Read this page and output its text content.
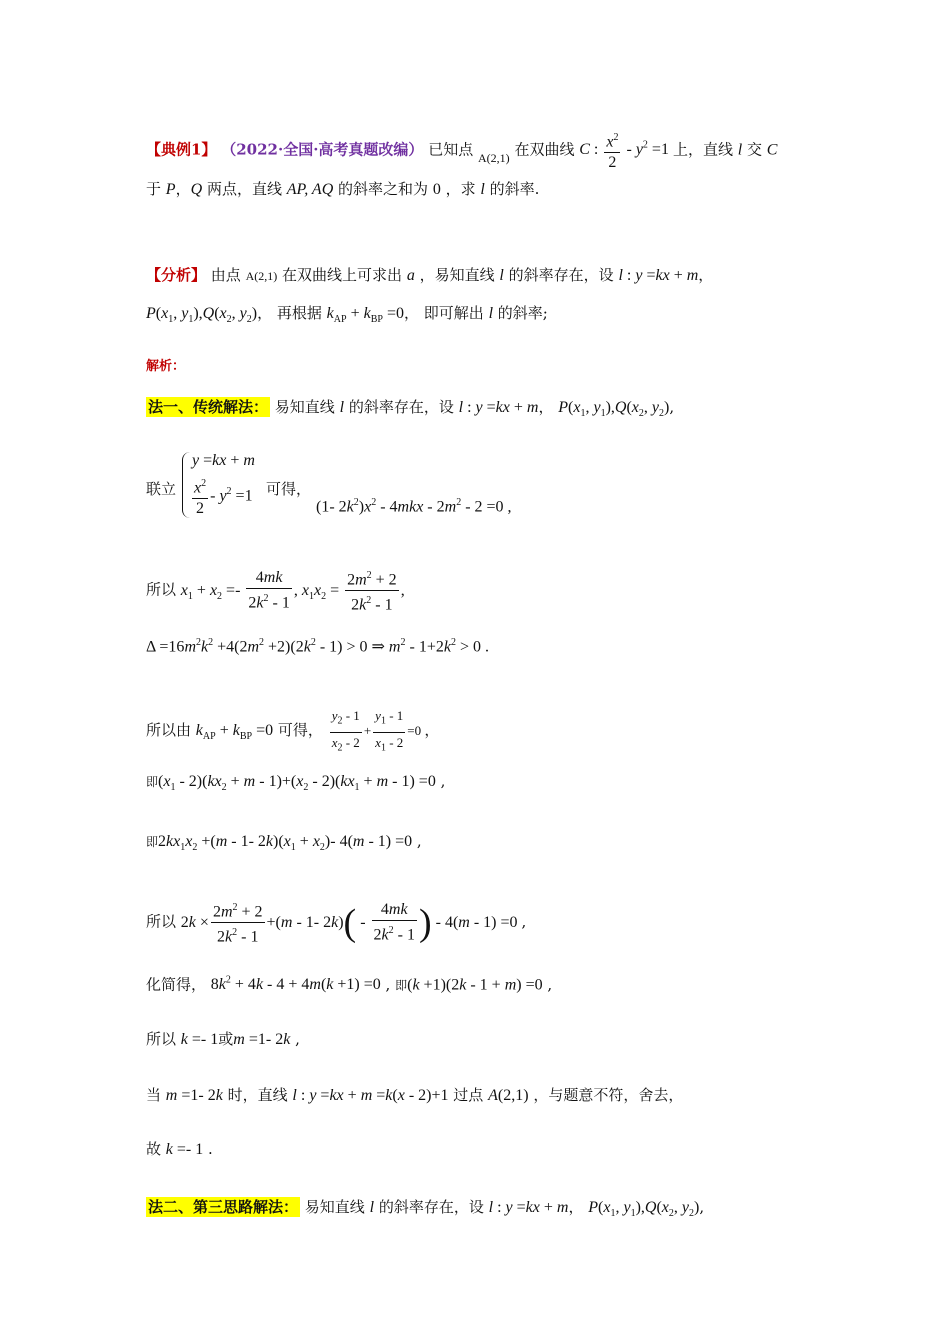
【典例1】 （2022·全国·高考真题改编） 已知点 $_{A(2,1)}$ 在双曲线 C : $\frac{x^2}{2} - y^2 =1$ 上，直线 l 交 C
于 P，Q 两点，直线 AP, AQ 的斜率之和为 0 ，求 l 的斜率.
【分析】 由点 A(2,1) 在双曲线上可求出 a ，易知直线 l 的斜率存在，设 l : y =kx + m，
$P(x_1$, $y_1),Q(x_2$, $y_2$)， 再根据 $k_{AP} + k_{BP} =0$， 即可解出 l 的斜率;
解析：
法一、传统解法： 易知直线 l 的斜率存在，设 l : y =kx + m， $P(x_1$, $y_1),Q(x_2$, $y_2$),
联立
y =kx + m
$\frac{x^2}{2} - y^2 =1$ 可得，
(1- $2k^2)x^2 - 4mkx - 2m^2 - 2 =0$ ,
所以 $x_1 + x_2 =- \frac{4mk}{2k^2 - 1}$ , $x_1x_2 = \frac{2m^2 + 2}{2k^2 - 1}$ ,
$\Delta =16m^2k^2 +4(2m^2 +2)(2k^2 - 1) > 0$ ⇒ $m^2 - 1+2k^2 > 0$ .
所以由 $k_{AP} + k_{BP} =0$ 可得， $\frac{y_2 - 1}{x_2 - 2} + \frac{y_1 - 1}{x_1 - 2} =0$ ，
即$(x_1 - 2)(kx_2 + m - 1)+(x_2 - 2)(kx_1 + m - 1) =0$ ,
即$2kx_1x_2 +(m - 1-$ $2k)(x_1 + x_2)-$ 4(m - 1) =0 ,
所以 $2k \times \frac{2m^2 + 2}{2k^2 - 1} +(m - 1-$ $2k)( - \frac{4mk}{2k^2 - 1}$ ) - 4(m - 1) =0 ,
化简得， $8k^2 + 4k - 4 + 4m(k +1) =0$ , 即(k +1)(2k - 1 + m) =0 ,
所以 k =- 1或m =1- 2k ,
当 m =1- 2k 时，直线 l : y =kx + m =k(x - 2)+1 过点 A(2,1) ，与题意不符，舍去，
故 k =- 1 .
法二、第三思路解法： 易知直线 l 的斜率存在，设 l : y =kx + m， $P(x_1$, $y_1),Q(x_2$, $y_2$),
